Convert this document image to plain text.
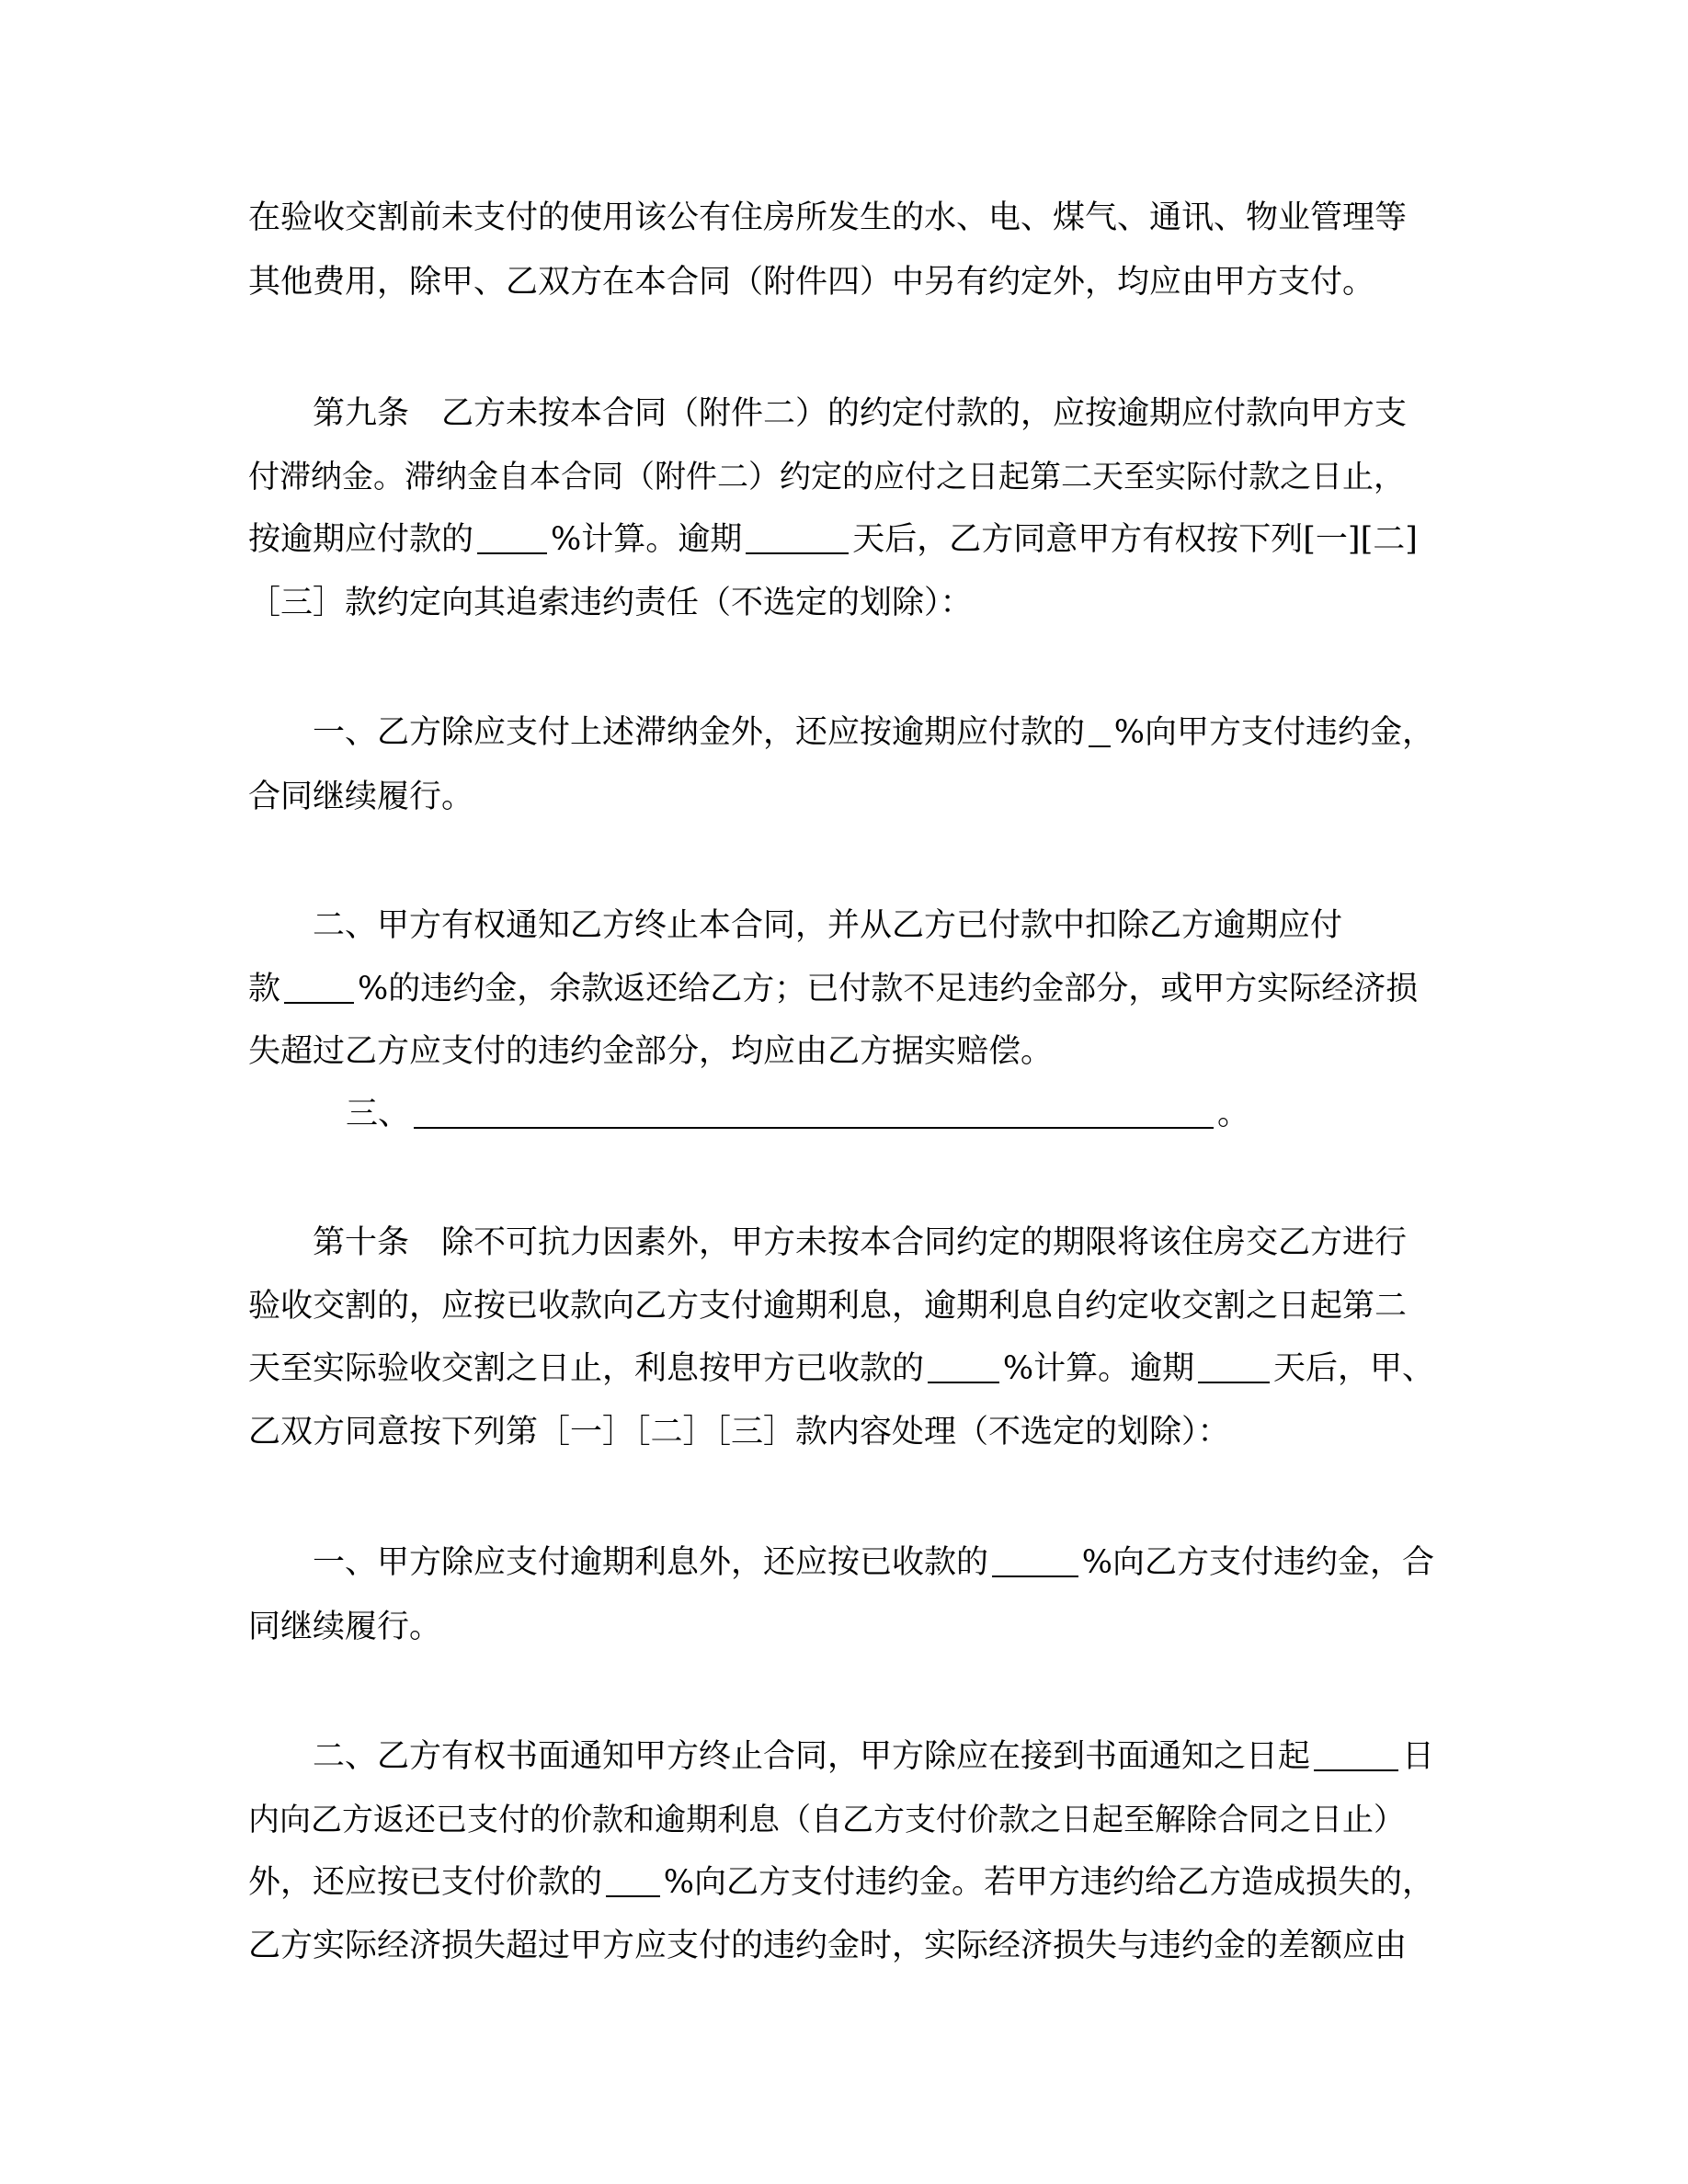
在验收交割前未支付的使用该公有住房所发生的水、电、煤气、通讯、物业管理等
其他费用，除甲、乙双方在本合同（附件四）中另有约定外，均应由甲方支付。
第九条　乙方未按本合同（附件二）的约定付款的，应按逾期应付款向甲方支
付滞纳金。滞纳金自本合同（附件二）约定的应付之日起第二天至实际付款之日止，
按逾期应付款的 %计算。逾期	天后，乙方同意甲方有权按下列[一][二]
［三］款约定向其追索违约责任（不选定的划除）：
一、乙方除应支付上述滞纳金外，还应按逾期应付款的 %向甲方支付违约金，
合同继续履行。
二、甲方有权通知乙方终止本合同，并从乙方已付款中扣除乙方逾期应付
款 %的违约金，余款返还给乙方；已付款不足违约金部分，或甲方实际经济损
失超过乙方应支付的违约金部分，均应由乙方据实赔偿。
三、	。
第十条　除不可抗力因素外，甲方未按本合同约定的期限将该住房交乙方进行
验收交割的，应按已收款向乙方支付逾期利息，逾期利息自约定收交割之日起第二
天至实际验收交割之日止，利息按甲方已收款的 %计算。逾期 天后，甲、
乙双方同意按下列第［一］［二］［三］款内容处理（不选定的划除）：
一、甲方除应支付逾期利息外，还应按已收款的	%向乙方支付违约金，合
同继续履行。
二、乙方有权书面通知甲方终止合同，甲方除应在接到书面通知之日起	日
内向乙方返还已支付的价款和逾期利息（自乙方支付价款之日起至解除合同之日止）
外，还应按已支付价款的 %向乙方支付违约金。若甲方违约给乙方造成损失的，
乙方实际经济损失超过甲方应支付的违约金时，实际经济损失与违约金的差额应由
